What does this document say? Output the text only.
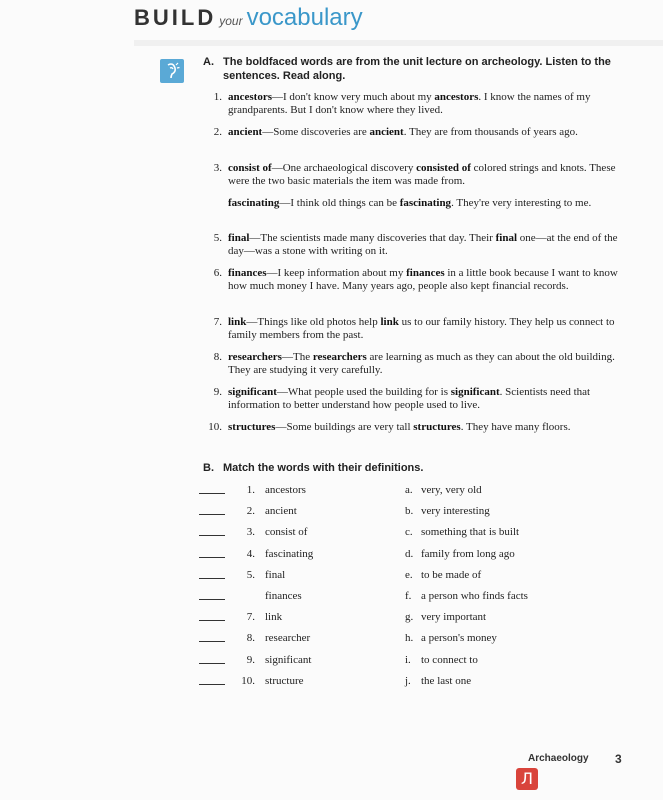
BUILD your vocabulary
A. The boldfaced words are from the unit lecture on archeology. Listen to the sentences. Read along.
1. ancestors—I don't know very much about my ancestors. I know the names of my grandparents. But I don't know where they lived.
2. ancient—Some discoveries are ancient. They are from thousands of years ago.
3. consist of—One archaeological discovery consisted of colored strings and knots. These were the two basic materials the item was made from.
fascinating—I think old things can be fascinating. They're very interesting to me.
5. final—The scientists made many discoveries that day. Their final one—at the end of the day—was a stone with writing on it.
6. finances—I keep information about my finances in a little book because I want to know how much money I have. Many years ago, people also kept financial records.
7. link—Things like old photos help link us to our family history. They help us connect to family members from the past.
8. researchers—The researchers are learning as much as they can about the old building. They are studying it very carefully.
9. significant—What people used the building for is significant. Scientists need that information to better understand how people used to live.
10. structures—Some buildings are very tall structures. They have many floors.
B. Match the words with their definitions.
1. ancestors	a. very, very old
2. ancient	b. very interesting
3. consist of	c. something that is built
4. fascinating	d. family from long ago
5. final	e. to be made of
finances	f. a person who finds facts
7. link	g. very important
8. researcher	h. a person's money
9. significant	i. to connect to
10. structure	j. the last one
Archaeology 3
Л
